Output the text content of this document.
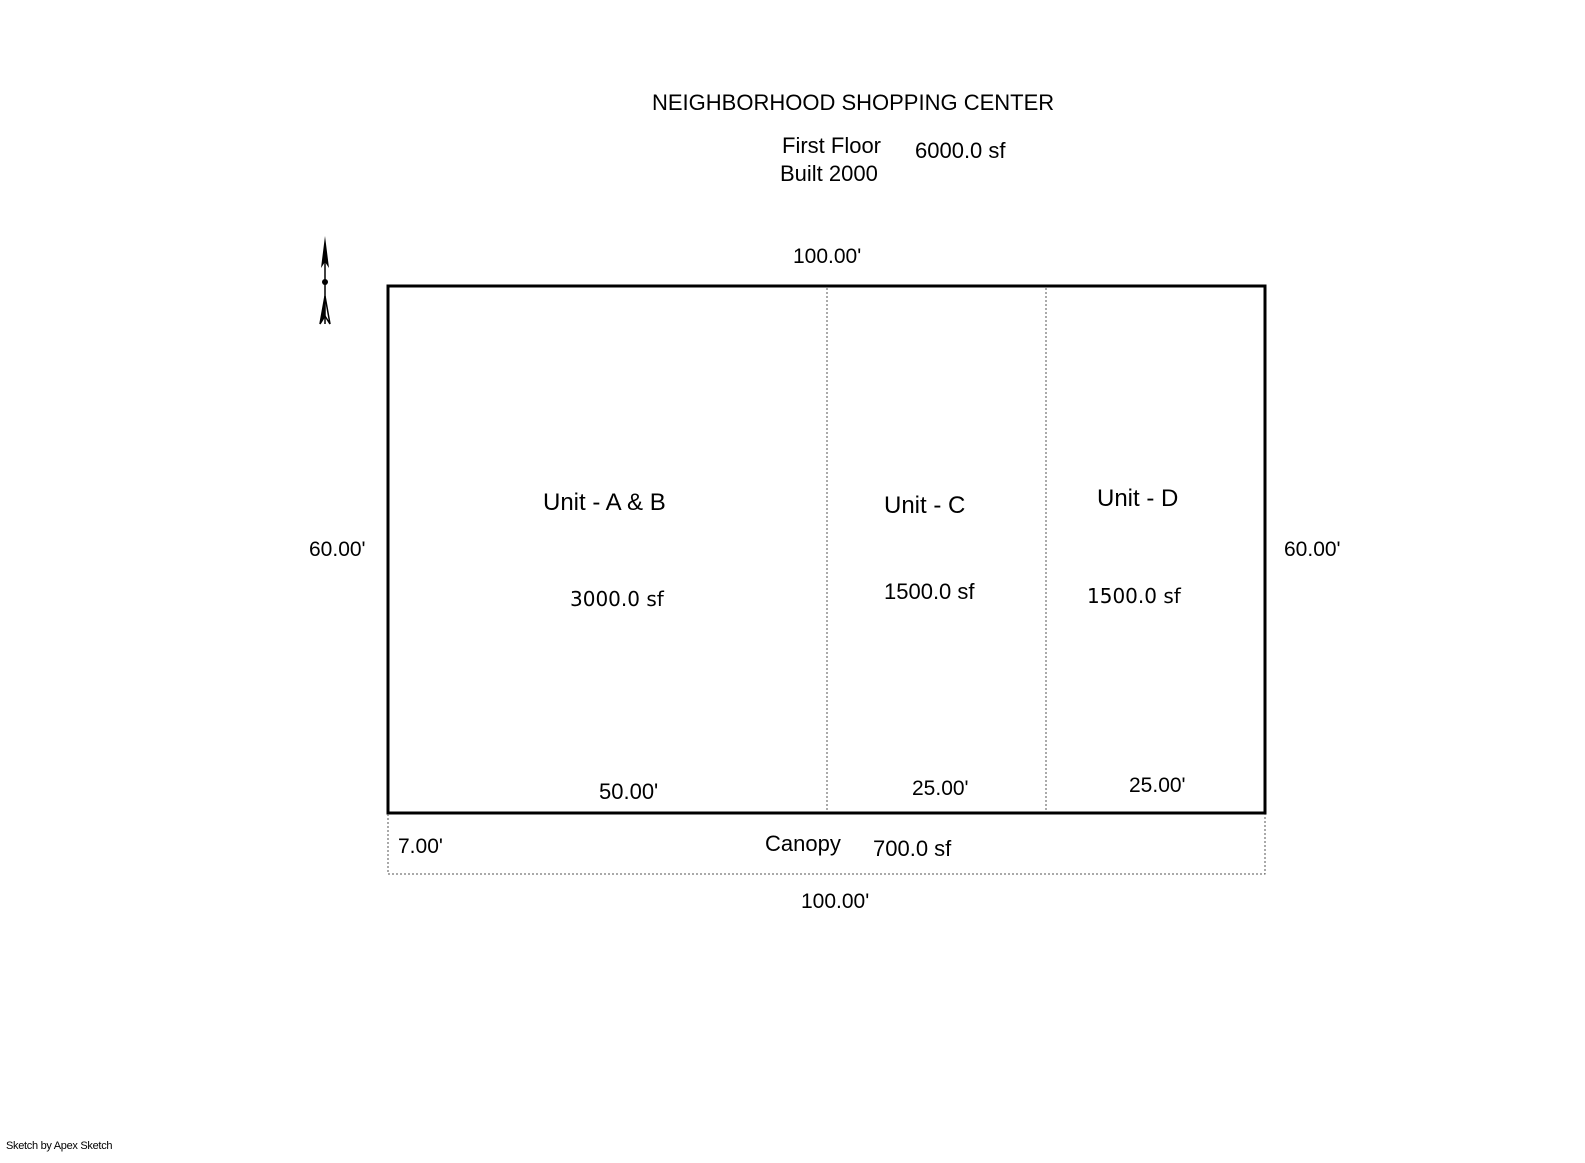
NEIGHBORHOOD SHOPPING CENTER
First Floor
Built 2000
6000.0 sf
100.00'
60.00'	60.00'
50.00'	25.00'	25.00'
7.00'
100.00'
Unit - A & B
3000.0 sf
Unit - C
1500.0 sf
Unit - D
1500.0 sf
Canopy 700.0 sf
Sketch by Apex Sketch
